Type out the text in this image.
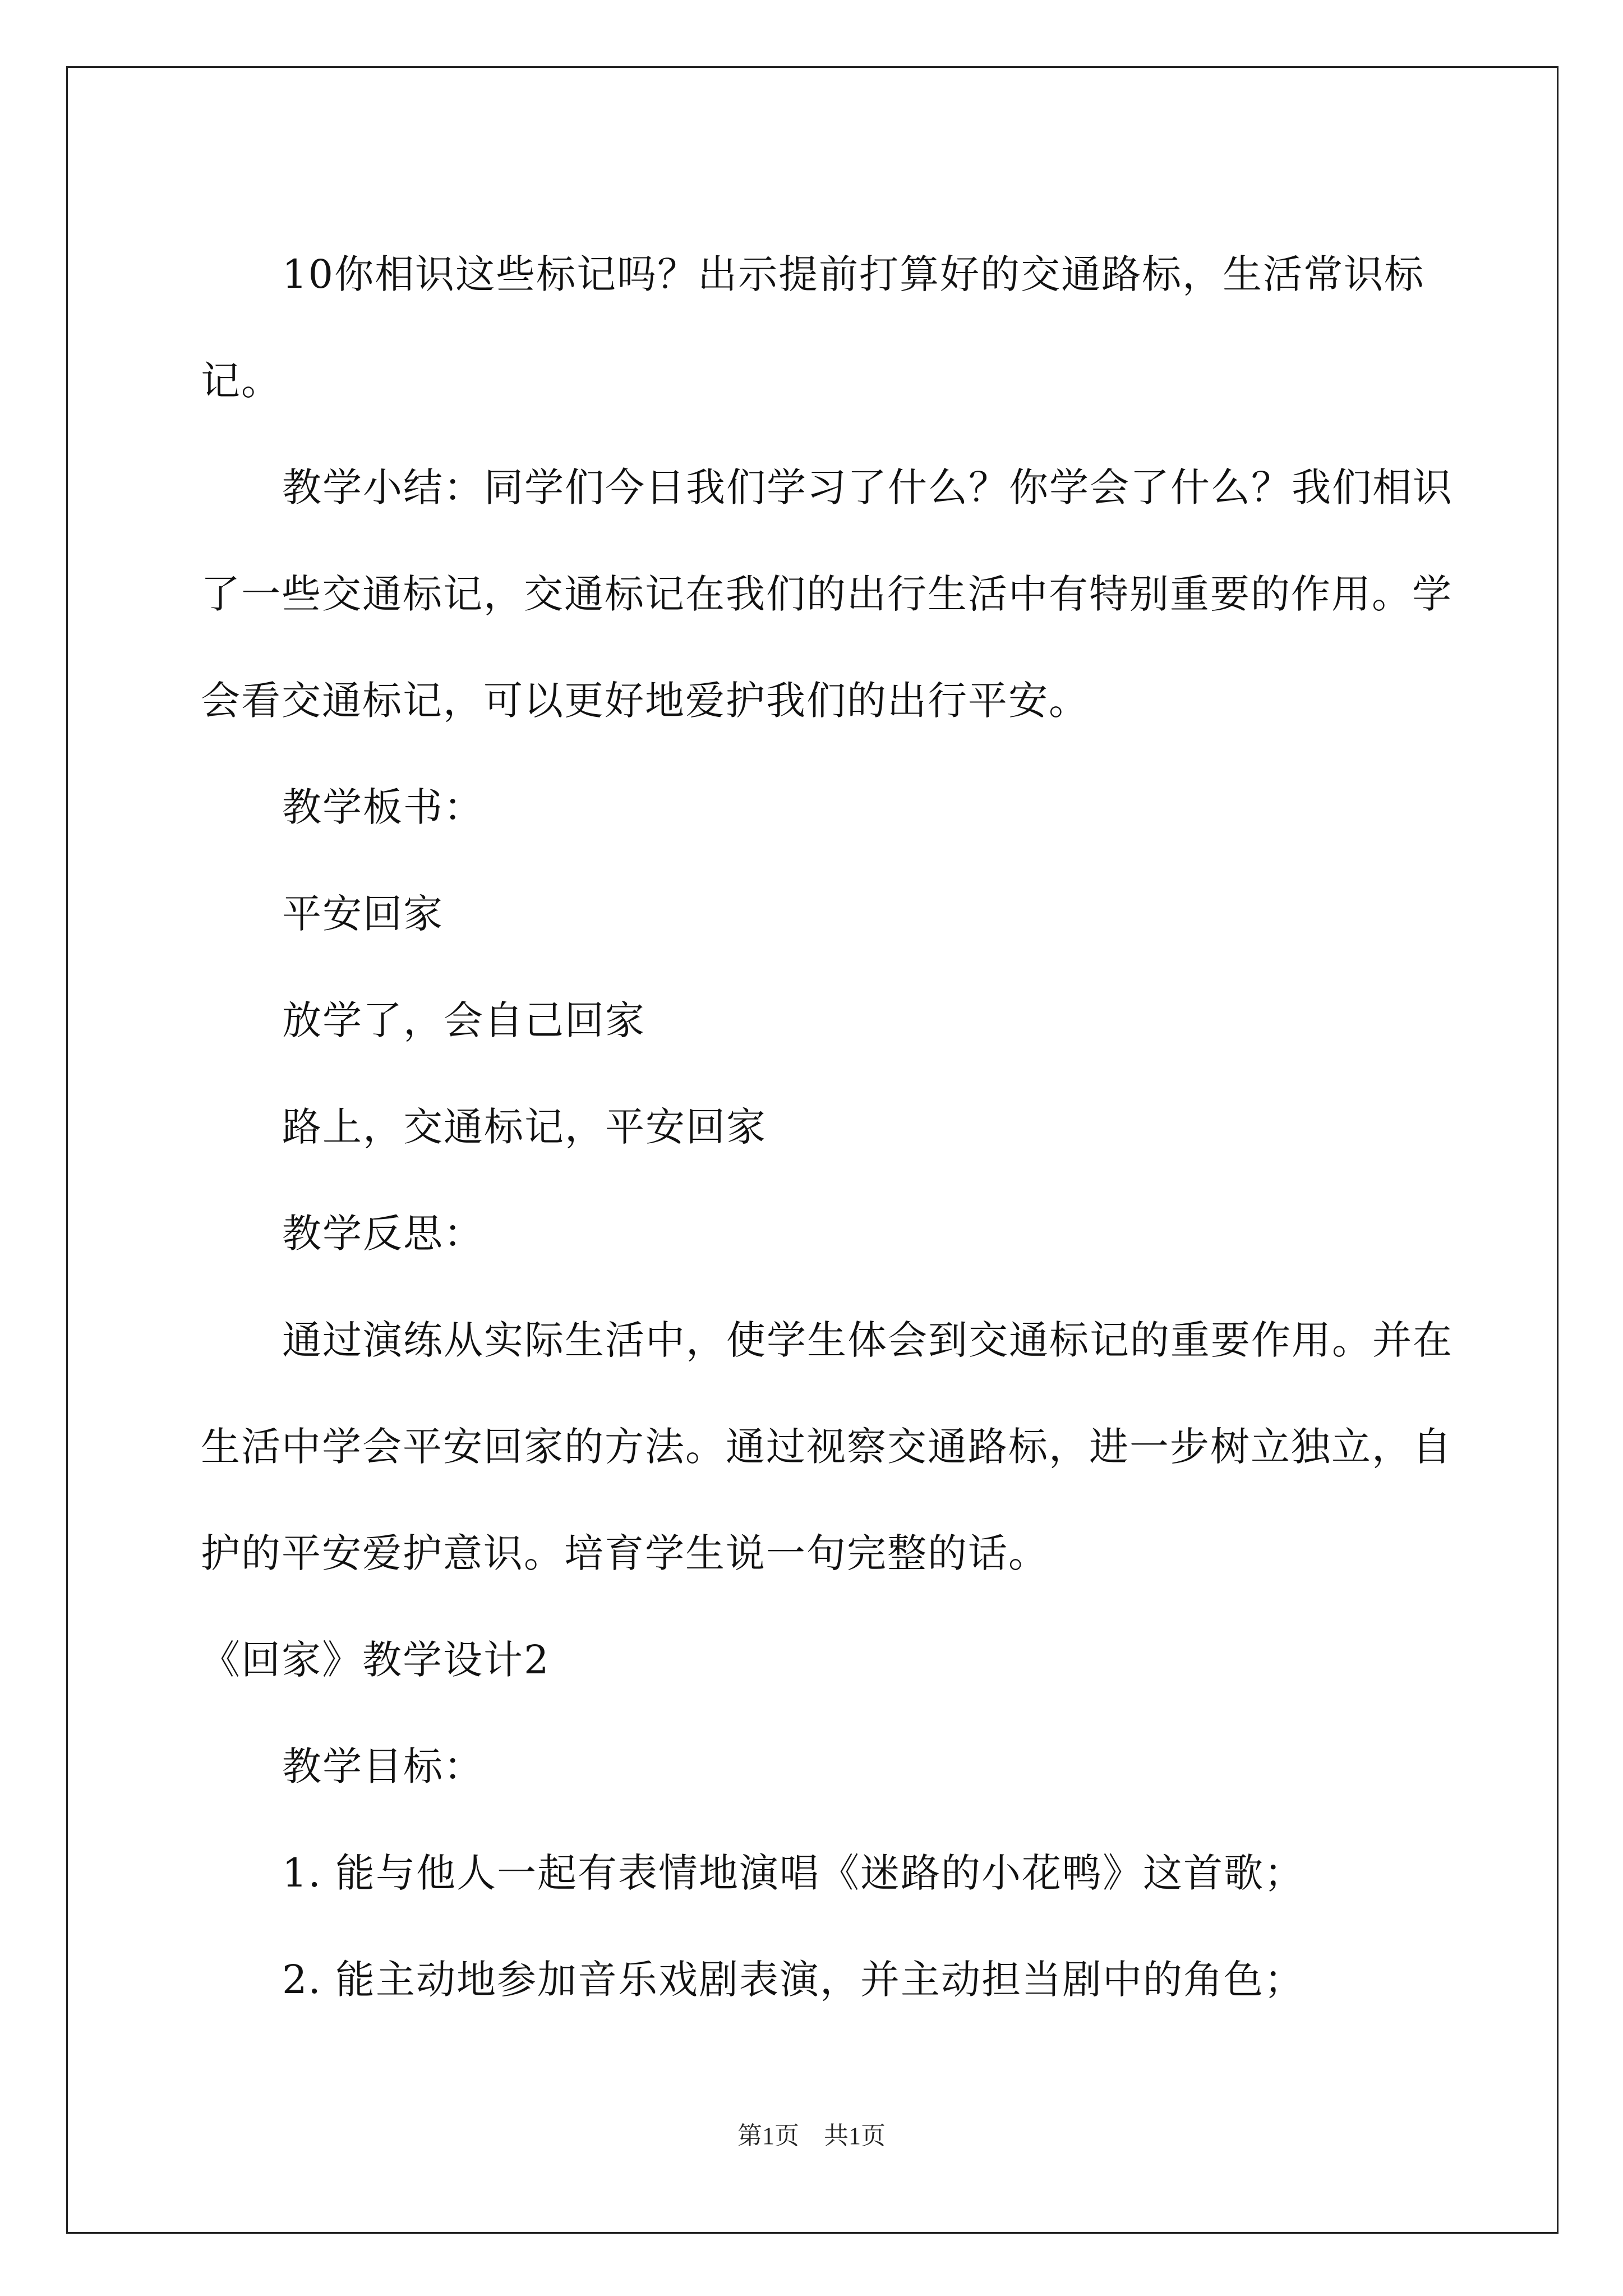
10你相识这些标记吗？出示提前打算好的交通路标，生活常识标记。

教学小结：同学们今日我们学习了什么？你学会了什么？我们相识了一些交通标记，交通标记在我们的出行生活中有特别重要的作用。学会看交通标记，可以更好地爱护我们的出行平安。

教学板书：

平安回家

放学了，会自己回家

路上，交通标记，平安回家

教学反思：

通过演练从实际生活中，使学生体会到交通标记的重要作用。并在生活中学会平安回家的方法。通过视察交通路标，进一步树立独立，自护的平安爱护意识。培育学生说一句完整的话。

《回家》教学设计2

教学目标：

1. 能与他人一起有表情地演唱《迷路的小花鸭》这首歌；

2. 能主动地参加音乐戏剧表演，并主动担当剧中的角色；

第1页　共1页
